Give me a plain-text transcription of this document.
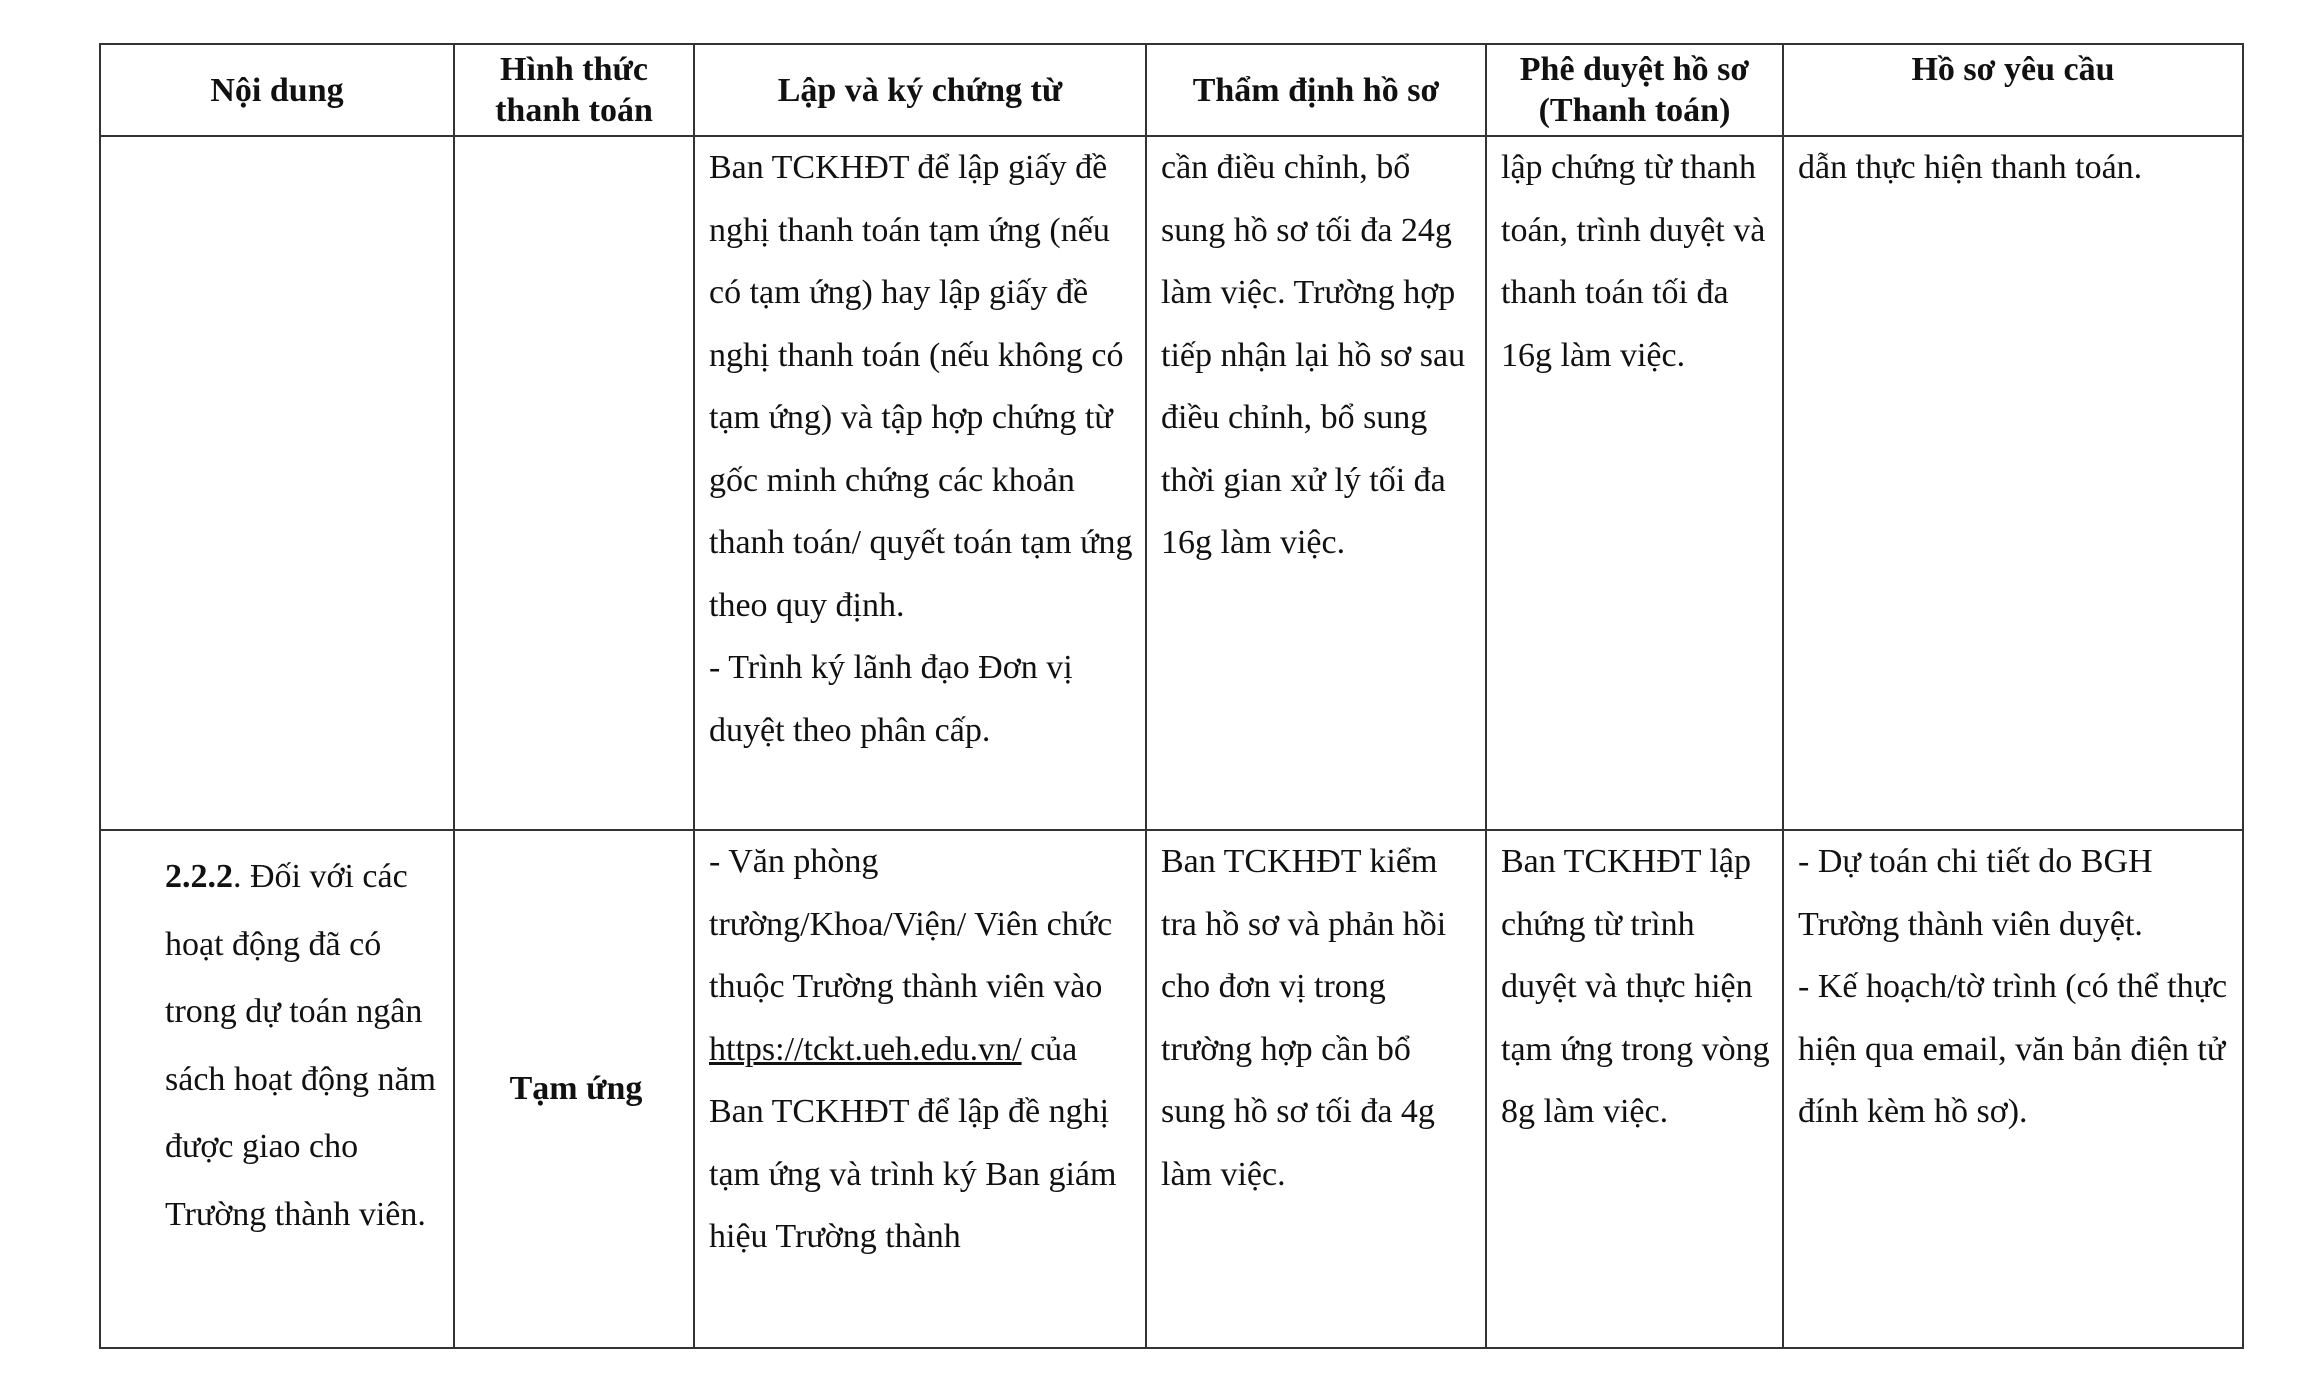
Nội dung	Hình thức thanh toán	Lập và ký chứng từ	Thẩm định hồ sơ	Phê duyệt hồ sơ (Thanh toán)	Hồ sơ yêu cầu

		Ban TCKHĐT để lập giấy đề nghị thanh toán tạm ứng (nếu có tạm ứng) hay lập giấy đề nghị thanh toán (nếu không có tạm ứng) và tập hợp chứng từ gốc minh chứng các khoản thanh toán/ quyết toán tạm ứng theo quy định.
- Trình ký lãnh đạo Đơn vị duyệt theo phân cấp.	cần điều chỉnh, bổ sung hồ sơ tối đa 24g làm việc. Trường hợp tiếp nhận lại hồ sơ sau điều chỉnh, bổ sung thời gian xử lý tối đa 16g làm việc.	lập chứng từ thanh toán, trình duyệt và thanh toán tối đa 16g làm việc.	dẫn thực hiện thanh toán.

2.2.2. Đối với các hoạt động đã có trong dự toán ngân sách hoạt động năm được giao cho Trường thành viên.	Tạm ứng	- Văn phòng trường/Khoa/Viện/ Viên chức thuộc Trường thành viên vào https://tckt.ueh.edu.vn/ của Ban TCKHĐT để lập đề nghị tạm ứng và trình ký Ban giám hiệu Trường thành	Ban TCKHĐT kiểm tra hồ sơ và phản hồi cho đơn vị trong trường hợp cần bổ sung hồ sơ tối đa 4g làm việc.	Ban TCKHĐT lập chứng từ trình duyệt và thực hiện tạm ứng trong vòng 8g làm việc.	- Dự toán chi tiết do BGH Trường thành viên duyệt.
- Kế hoạch/tờ trình (có thể thực hiện qua email, văn bản điện tử đính kèm hồ sơ).
